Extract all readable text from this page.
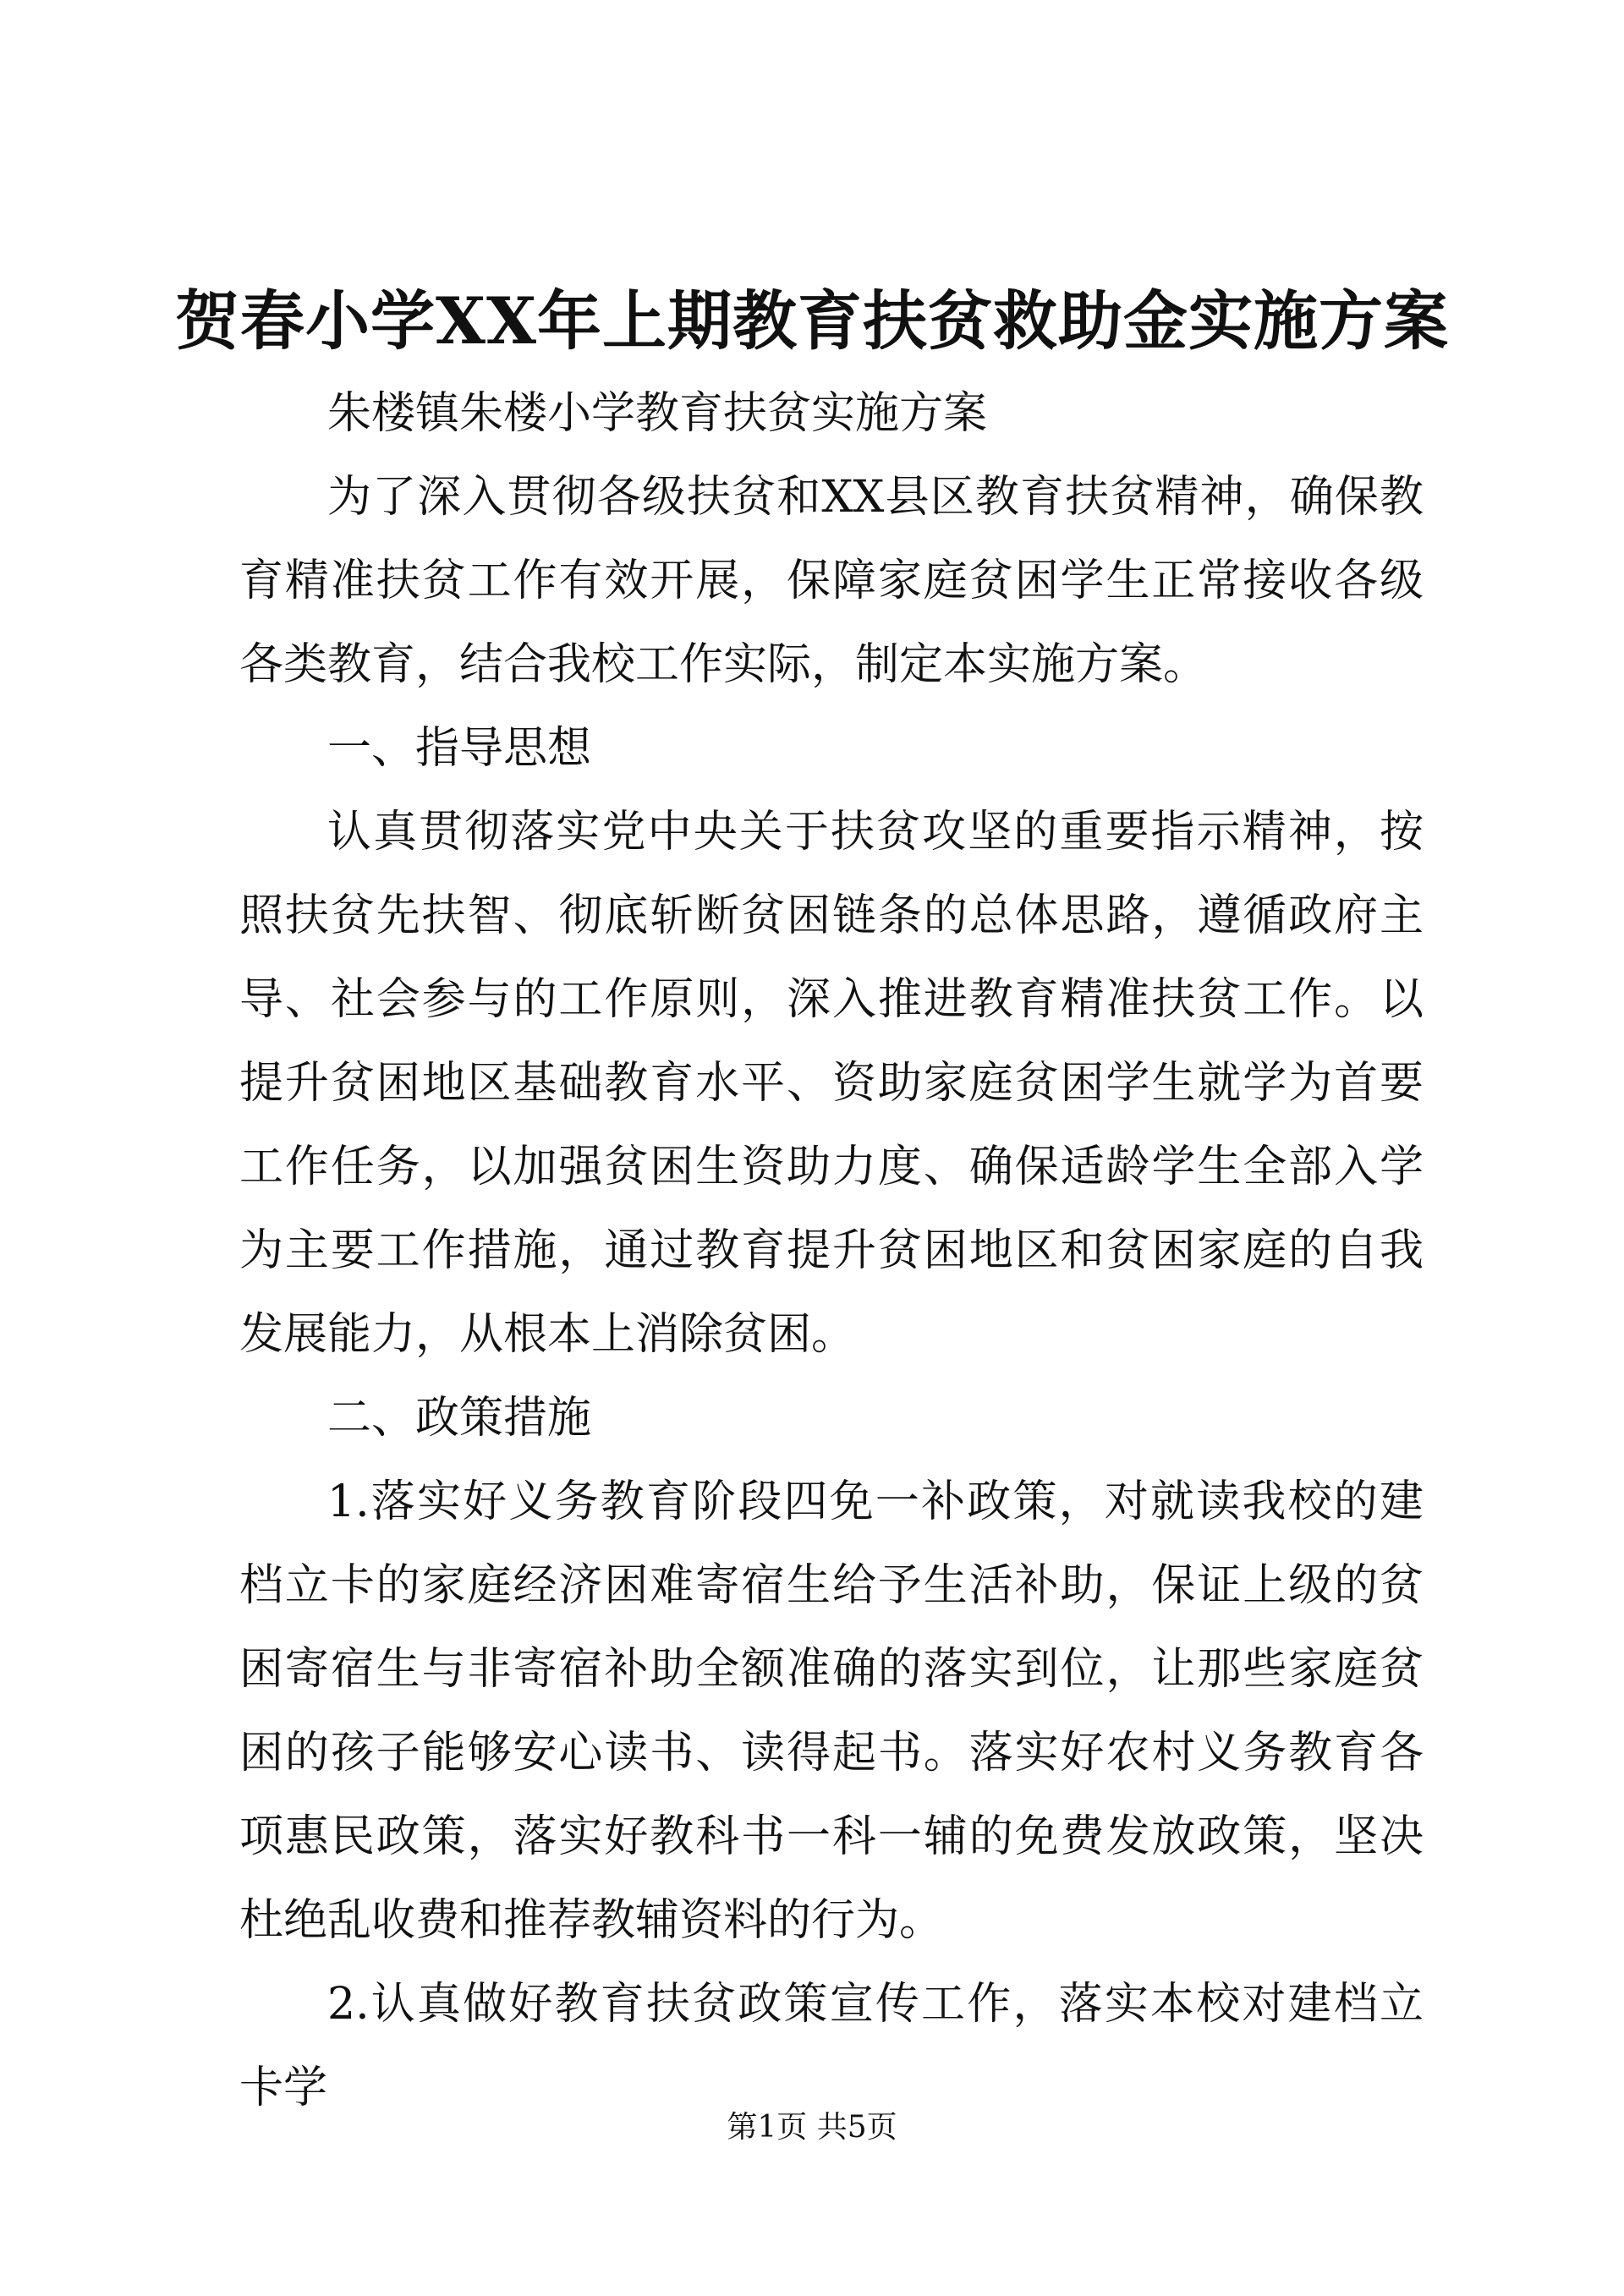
贺春小学XX年上期教育扶贫救助金实施方案

朱楼镇朱楼小学教育扶贫实施方案

为了深入贯彻各级扶贫和XX县区教育扶贫精神，确保教育精准扶贫工作有效开展，保障家庭贫困学生正常接收各级各类教育，结合我校工作实际，制定本实施方案。

一、指导思想

认真贯彻落实党中央关于扶贫攻坚的重要指示精神，按照扶贫先扶智、彻底斩断贫困链条的总体思路，遵循政府主导、社会参与的工作原则，深入推进教育精准扶贫工作。以提升贫困地区基础教育水平、资助家庭贫困学生就学为首要工作任务，以加强贫困生资助力度、确保适龄学生全部入学为主要工作措施，通过教育提升贫困地区和贫困家庭的自我发展能力，从根本上消除贫困。

二、政策措施

1.落实好义务教育阶段四免一补政策，对就读我校的建档立卡的家庭经济困难寄宿生给予生活补助，保证上级的贫困寄宿生与非寄宿补助全额准确的落实到位，让那些家庭贫困的孩子能够安心读书、读得起书。落实好农村义务教育各项惠民政策，落实好教科书一科一辅的免费发放政策，坚决杜绝乱收费和推荐教辅资料的行为。

2.认真做好教育扶贫政策宣传工作，落实本校对建档立卡学

第1页 共5页
